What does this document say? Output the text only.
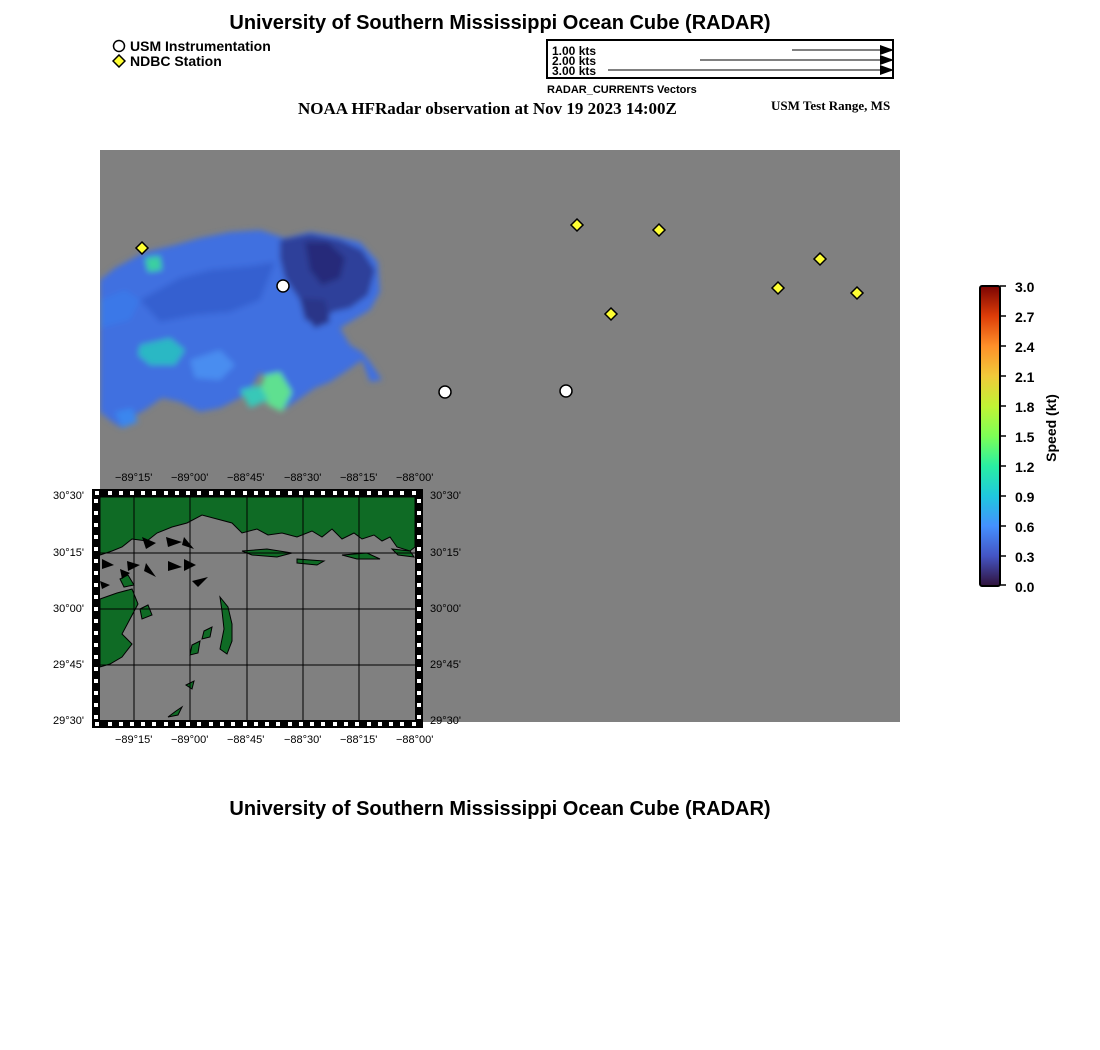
University of Southern Mississippi Ocean Cube (RADAR)
USM Instrumentation
NDBC Station
1.00 kts
2.00 kts
3.00 kts
RADAR_CURRENTS Vectors
NOAA HFRadar observation at Nov 19 2023 14:00Z	USM Test Range, MS
−89°15' −89°00' −88°45' −88°30' −88°15' −88°00'
−89°15' −89°00' −88°45' −88°30' −88°15' −88°00'
30°30'
30°15'
30°00'
29°45'
29°30'
30°30'
30°15'
30°00'
29°45'
29°30'
3.0
2.7
2.4
2.1
1.8
1.5
1.2
0.9
0.6
0.3
0.0
Speed (kt)
University of Southern Mississippi Ocean Cube (RADAR)
